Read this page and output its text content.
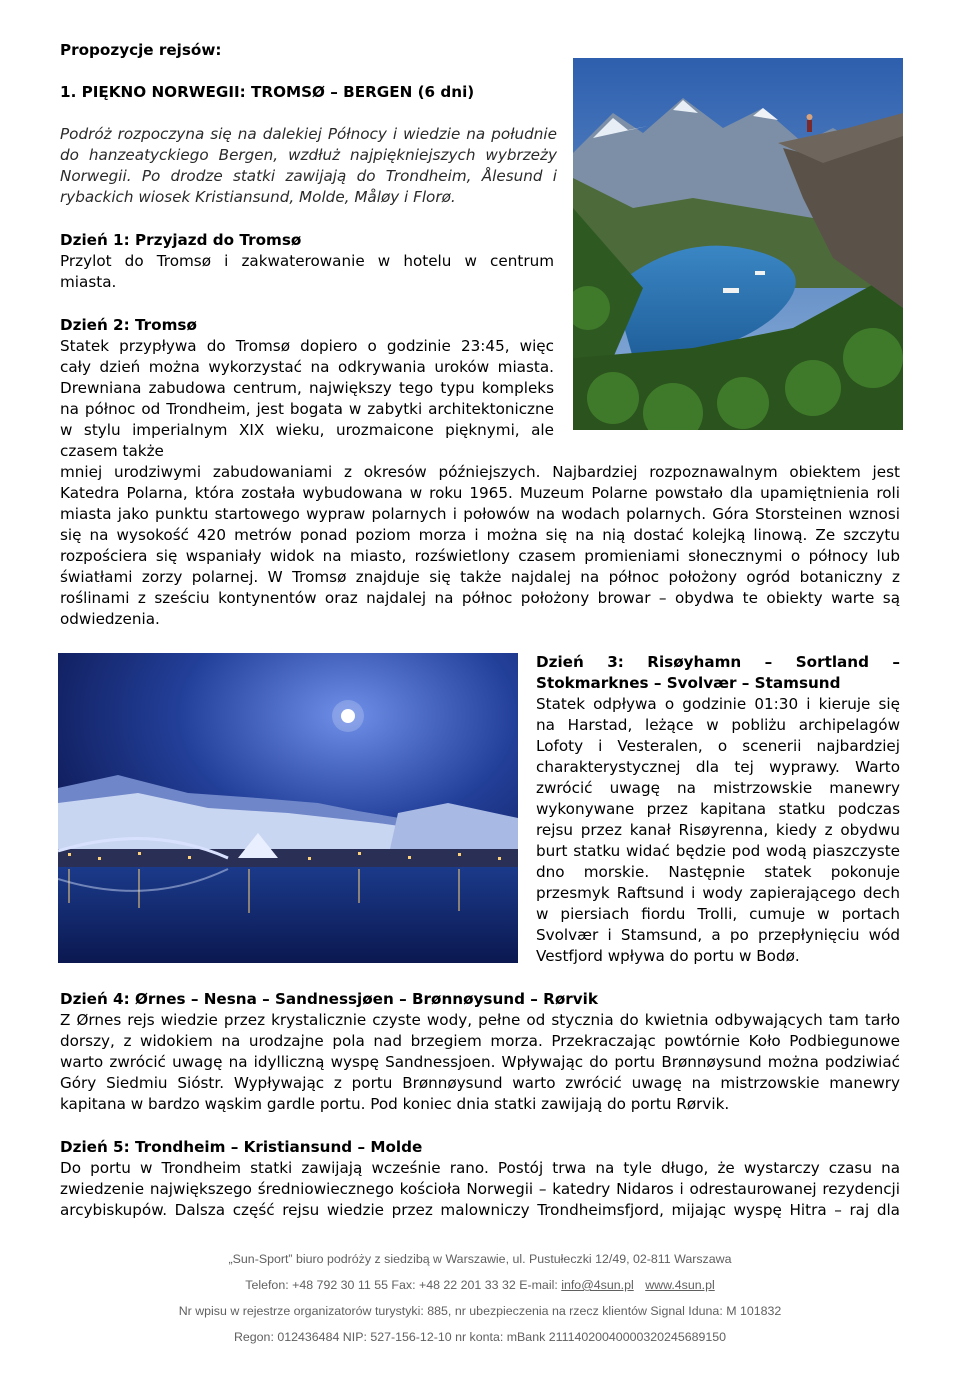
Propozycje rejsów:
1. PIĘKNO NORWEGII: TROMSØ – BERGEN (6 dni)
Podróż rozpoczyna się na dalekiej Północy i wiedzie na południe
do hanzeatyckiego Bergen, wzdłuż najpiękniejszych wybrzeży
Norwegii. Po drodze statki zawijają do Trondheim, Ålesund i
rybackich wiosek Kristiansund, Molde, Måløy i Florø.
Dzień 1: Przyjazd do Tromsø
Przylot do Tromsø i zakwaterowanie w hotelu w centrum
miasta.
Dzień 2: Tromsø
Statek przypływa do Tromsø dopiero o godzinie 23:45, więc
cały dzień można wykorzystać na odkrywania uroków miasta.
Drewniana zabudowa centrum, największy tego typu kompleks
na północ od Trondheim, jest bogata w zabytki architektoniczne
w stylu imperialnym XIX wieku, urozmaicone pięknymi, ale
czasem także
mniej urodziwymi zabudowaniami z okresów późniejszych. Najbardziej rozpoznawalnym obiektem jest
Katedra Polarna, która została wybudowana w roku 1965. Muzeum Polarne powstało dla upamiętnienia roli
miasta jako punktu startowego wypraw polarnych i połowów na wodach polarnych. Góra Storsteinen wznosi
się na wysokość 420 metrów ponad poziom morza i można się na nią dostać kolejką linową. Ze szczytu
rozpościera się wspaniały widok na miasto, rozświetlony czasem promieniami słonecznymi o północy lub
światłami zorzy polarnej. W Tromsø znajduje się także najdalej na północ położony ogród botaniczny z
roślinami z sześciu kontynentów oraz najdalej na północ położony browar – obydwa te obiekty warte są
odwiedzenia.
Dzień 3: Risøyhamn – Sortland –
Stokmarknes – Svolvær – Stamsund
Statek odpływa o godzinie 01:30 i kieruje się
na Harstad, leżące w pobliżu archipelagów
Lofoty i Vesteralen, o scenerii najbardziej
charakterystycznej dla tej wyprawy. Warto
zwrócić uwagę na mistrzowskie manewry
wykonywane przez kapitana statku podczas
rejsu przez kanał Risøyrenna, kiedy z obydwu
burt statku widać będzie pod wodą piaszczyste
dno morskie. Następnie statek pokonuje
przesmyk Raftsund i wody zapierającego dech
w piersiach fiordu Trolli, cumuje w portach
Svolvær i Stamsund, a po przepłynięciu wód
Vestfjord wpływa do portu w Bodø.
Dzień 4: Ørnes – Nesna – Sandnessjøen – Brønnøysund – Rørvik
Z Ørnes rejs wiedzie przez krystalicznie czyste wody, pełne od stycznia do kwietnia odbywających tam tarło
dorszy, z widokiem na urodzajne pola nad brzegiem morza. Przekraczając powtórnie Koło Podbiegunowe
warto zwrócić uwagę na idylliczną wyspę Sandnessjoen. Wpływając do portu Brønnøysund można podziwiać
Góry Siedmiu Sióstr. Wypływając z portu Brønnøysund warto zwrócić uwagę na mistrzowskie manewry
kapitana w bardzo wąskim gardle portu. Pod koniec dnia statki zawijają do portu Rørvik.
Dzień 5: Trondheim – Kristiansund – Molde
Do portu w Trondheim statki zawijają wcześnie rano. Postój trwa na tyle długo, że wystarczy czasu na
zwiedzenie największego średniowiecznego kościoła Norwegii – katedry Nidaros i odrestaurowanej rezydencji
arcybiskupów. Dalsza część rejsu wiedzie przez malowniczy Trondheimsfjord, mijając wyspę Hitra – raj dla
„Sun-Sport” biuro podróży z siedzibą w Warszawie, ul. Pustułeczki 12/49, 02-811 Warszawa
Telefon: +48 792 30 11 55 Fax: +48 22 201 33 32 E-mail: info@4sun.pl www.4sun.pl
Nr wpisu w rejestrze organizatorów turystyki: 885, nr ubezpieczenia na rzecz klientów Signal Iduna: M 101832
Regon: 012436484 NIP: 527-156-12-10 nr konta: mBank 21114020040000320245689150
